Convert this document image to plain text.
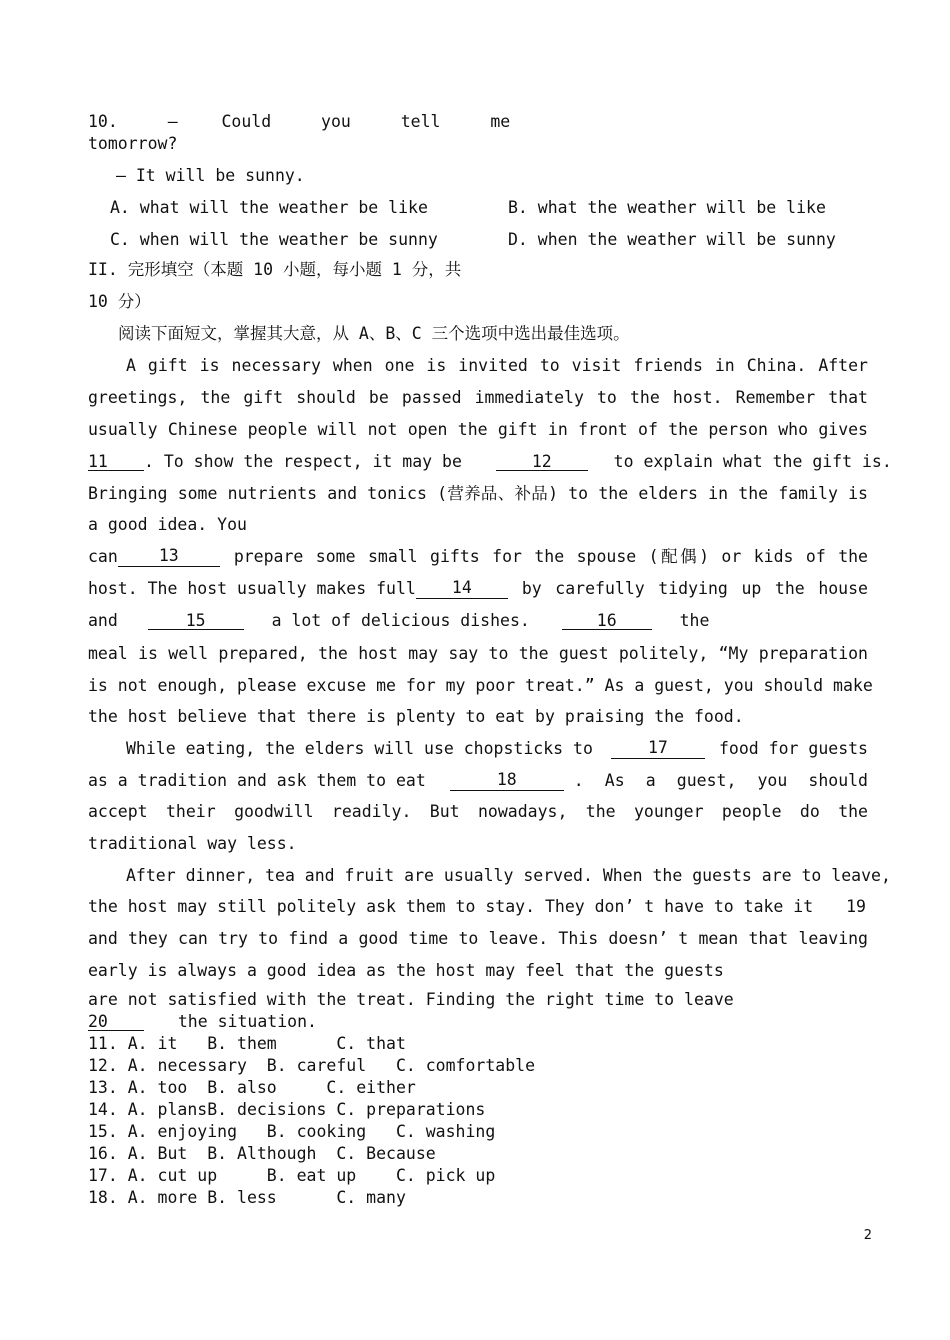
10.	—	Could	you	tell	me
tomorrow?
— It will be sunny.
A. what will the weather be like	B. what the weather will be like
C. when will the weather be sunny	D. when the weather will be sunny
II. 完形填空（本题 10 小题，每小题 1 分，共
10 分）
阅读下面短文，掌握其大意，从 A、B、C 三个选项中选出最佳选项。
A gift is necessary when one is invited to visit friends in China. After
greetings, the gift should be passed immediately to the host. Remember that
usually Chinese people will not open the gift in front of the person who gives
11 . To show the respect, it may be	12	to explain what the gift is.
Bringing some nutrients and tonics (营养品、补品) to the elders in the family is
a good idea. You
can	13	prepare some small gifts for the spouse (配偶) or kids of the
host. The host usually makes full	14	by carefully tidying up the house
and	15	a lot of delicious dishes.	16	the
meal is well prepared, the host may say to the guest politely, “My preparation
is not enough, please excuse me for my poor treat.” As a guest, you should make
the host believe that there is plenty to eat by praising the food.
While eating, the elders will use chopsticks to	17	food for guests
as a tradition and ask them to eat	18	. As a guest, you should
accept their goodwill readily. But nowadays, the younger people do the
traditional way less.
After dinner, tea and fruit are usually served. When the guests are to leave,
the host may still politely ask them to stay. They don’ t have to take it 19
and they can try to find a good time to leave. This doesn’ t mean that leaving
early is always a good idea as the host may feel that the guests
are not satisfied with the treat. Finding the right time to leave
20	the situation.
11. A. it   B. them      C. that
12. A. necessary  B. careful   C. comfortable
13. A. too  B. also     C. either
14. A. plansB. decisions C. preparations
15. A. enjoying   B. cooking   C. washing
16. A. But  B. Although  C. Because
17. A. cut up     B. eat up    C. pick up
18. A. more B. less      C. many
2
